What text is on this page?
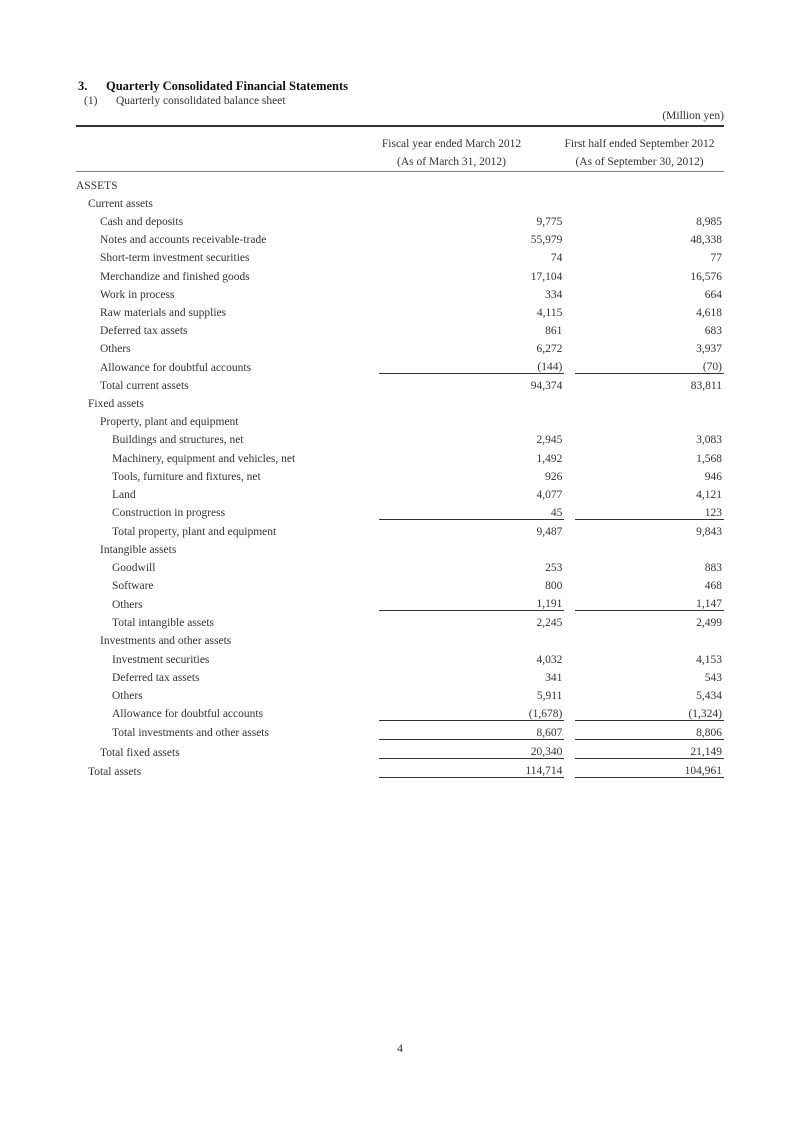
3. Quarterly Consolidated Financial Statements
(1) Quarterly consolidated balance sheet
(Million yen)
Fiscal year ended March 2012
(As of March 31, 2012)
First half ended September 2012
(As of September 30, 2012)
ASSETS			
Current assets			
Cash and deposits	9,775		8,985
Notes and accounts receivable-trade	55,979		48,338
Short-term investment securities	74		77
Merchandize and finished goods	17,104		16,576
Work in process	334		664
Raw materials and supplies	4,115		4,618
Deferred tax assets	861		683
Others	6,272		3,937
Allowance for doubtful accounts	(144)		(70)
Total current assets	94,374		83,811
Fixed assets			
Property, plant and equipment			
Buildings and structures, net	2,945		3,083
Machinery, equipment and vehicles, net	1,492		1,568
Tools, furniture and fixtures, net	926		946
Land	4,077		4,121
Construction in progress	45		123
Total property, plant and equipment	9,487		9,843
Intangible assets			
Goodwill	253		883
Software	800		468
Others	1,191		1,147
Total intangible assets	2,245		2,499
Investments and other assets			
Investment securities	4,032		4,153
Deferred tax assets	341		543
Others	5,911		5,434
Allowance for doubtful accounts	(1,678)		(1,324)
Total investments and other assets	8,607		8,806
Total fixed assets	20,340		21,149
Total assets	114,714		104,961
4
